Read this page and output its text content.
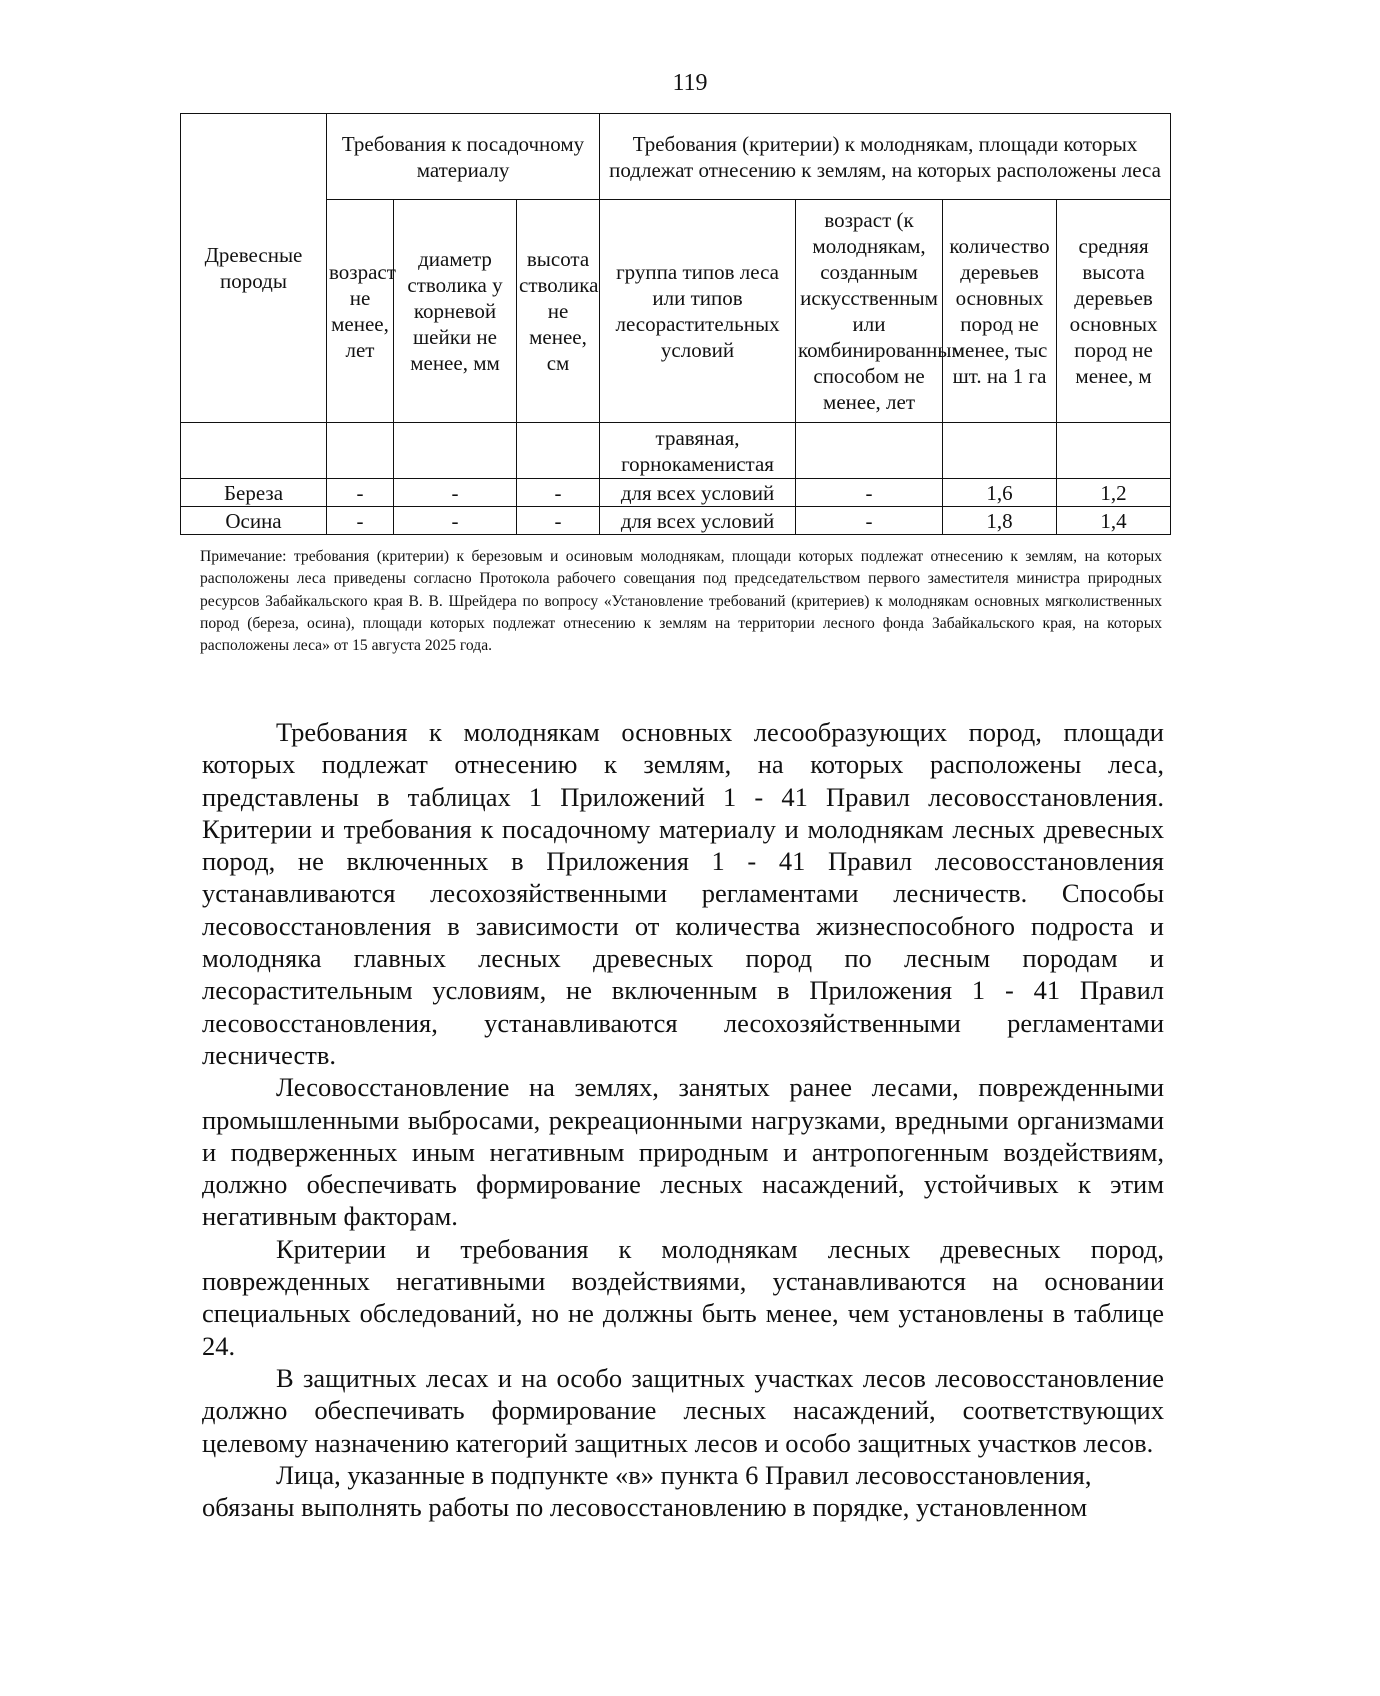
119
Древесные породы	Требования к посадочному материалу			Требования (критерии) к молоднякам, площади которых подлежат отнесению к землям, на которых расположены леса			
	возраст не менее, лет	диаметр стволика у корневой шейки не менее, мм	высота стволика не менее, см	группа типов леса или типов лесорастительных условий	возраст (к молоднякам, созданным искусственным или комбинированным способом не менее, лет	количество деревьев основных пород не менее, тыс шт. на 1 га	средняя высота деревьев основных пород не менее, м
				травяная, горнокаменистая			
Береза	-	-	-	для всех условий	-	1,6	1,2
Осина	-	-	-	для всех условий	-	1,8	1,4
Примечание: требования (критерии) к березовым и осиновым молоднякам, площади которых подлежат отнесению к землям, на которых расположены леса приведены согласно Протокола рабочего совещания под председательством первого заместителя министра природных ресурсов Забайкальского края В. В. Шрейдера по вопросу «Установление требований (критериев) к молоднякам основных мягколиственных пород (береза, осина), площади которых подлежат отнесению к землям на территории лесного фонда Забайкальского края, на которых расположены леса» от 15 августа 2025 года.

Требования к молоднякам основных лесообразующих пород, площади которых подлежат отнесению к землям, на которых расположены леса, представлены в таблицах 1 Приложений 1 - 41 Правил лесовосстановления. Критерии и требования к посадочному материалу и молоднякам лесных древесных пород, не включенных в Приложения 1 - 41 Правил лесовосстановления устанавливаются лесохозяйственными регламентами лесничеств. Способы лесовосстановления в зависимости от количества жизнеспособного подроста и молодняка главных лесных древесных пород по лесным породам и лесорастительным условиям, не включенным в Приложения 1 - 41 Правил лесовосстановления, устанавливаются лесохозяйственными регламентами лесничеств.

Лесовосстановление на землях, занятых ранее лесами, поврежденными промышленными выбросами, рекреационными нагрузками, вредными организмами и подверженных иным негативным природным и антропогенным воздействиям, должно обеспечивать формирование лесных насаждений, устойчивых к этим негативным факторам.

Критерии и требования к молоднякам лесных древесных пород, поврежденных негативными воздействиями, устанавливаются на основании специальных обследований, но не должны быть менее, чем установлены в таблице 24.

В защитных лесах и на особо защитных участках лесов лесовосстановление должно обеспечивать формирование лесных насаждений, соответствующих целевому назначению категорий защитных лесов и особо защитных участков лесов.

Лица, указанные в подпункте «в» пункта 6 Правил лесовосстановления, обязаны выполнять работы по лесовосстановлению в порядке, установленном
